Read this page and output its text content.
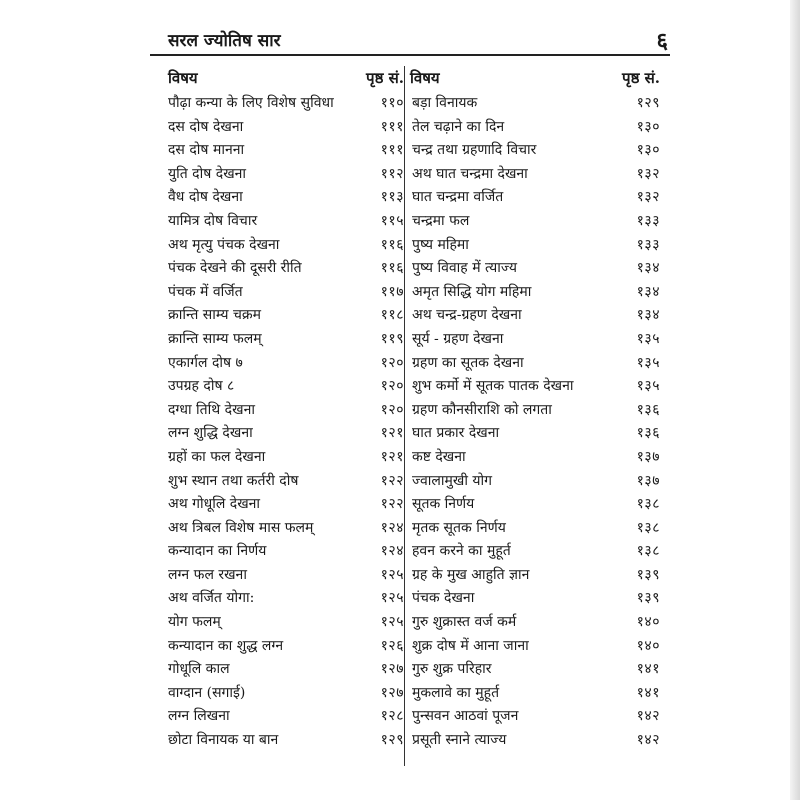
सरल ज्योतिष सार	६
विषय	पृष्ठ सं.
पौढ़ा कन्या के लिए विशेष सुविधा	११०
दस दोष देखना	१११
दस दोष मानना	१११
युति दोष देखना	११२
वैध दोष देखना	११३
यामित्र दोष विचार	११५
अथ मृत्यु पंचक देखना	११६
पंचक देखने की दूसरी रीति	११६
पंचक में वर्जित	११७
क्रान्ति साम्य चक्रम	११८
क्रान्ति साम्य फलम्	११९
एकार्गल दोष ७	१२०
उपग्रह दोष ८	१२०
दग्धा तिथि देखना	१२०
लग्न शुद्धि देखना	१२१
ग्रहों का फल देखना	१२१
शुभ स्थान तथा कर्तरी दोष	१२२
अथ गोधूलि देखना	१२२
अथ त्रिबल विशेष मास फलम्	१२४
कन्यादान का निर्णय	१२४
लग्न फल रखना	१२५
अथ वर्जित योगा:	१२५
योग फलम्	१२५
कन्यादान का शुद्ध लग्न	१२६
गोधूलि काल	१२७
वाग्दान (सगाई)	१२७
लग्न लिखना	१२८
छोटा विनायक या बान	१२९
विषय	पृष्ठ सं.
बड़ा विनायक	१२९
तेल चढ़ाने का दिन	१३०
चन्द्र तथा ग्रहणादि विचार	१३०
अथ घात चन्द्रमा देखना	१३२
घात चन्द्रमा वर्जित	१३२
चन्द्रमा फल	१३३
पुष्य महिमा	१३३
पुष्य विवाह में त्याज्य	१३४
अमृत सिद्धि योग महिमा	१३४
अथ चन्द्र-ग्रहण देखना	१३४
सूर्य - ग्रहण देखना	१३५
ग्रहण का सूतक देखना	१३५
शुभ कर्मो में सूतक पातक देखना	१३५
ग्रहण कौनसीराशि को लगता	१३६
घात प्रकार देखना	१३६
कष्ट देखना	१३७
ज्वालामुखी योग	१३७
सूतक निर्णय	१३८
मृतक सूतक निर्णय	१३८
हवन करने का मुहूर्त	१३८
ग्रह के मुख आहुति ज्ञान	१३९
पंचक देखना	१३९
गुरु शुक्रास्त वर्ज कर्म	१४०
शुक्र दोष में आना जाना	१४०
गुरु शुक्र परिहार	१४१
मुकलावे का मुहूर्त	१४१
पुन्सवन आठवां पूजन	१४२
प्रसूती स्नाने त्याज्य	१४२
